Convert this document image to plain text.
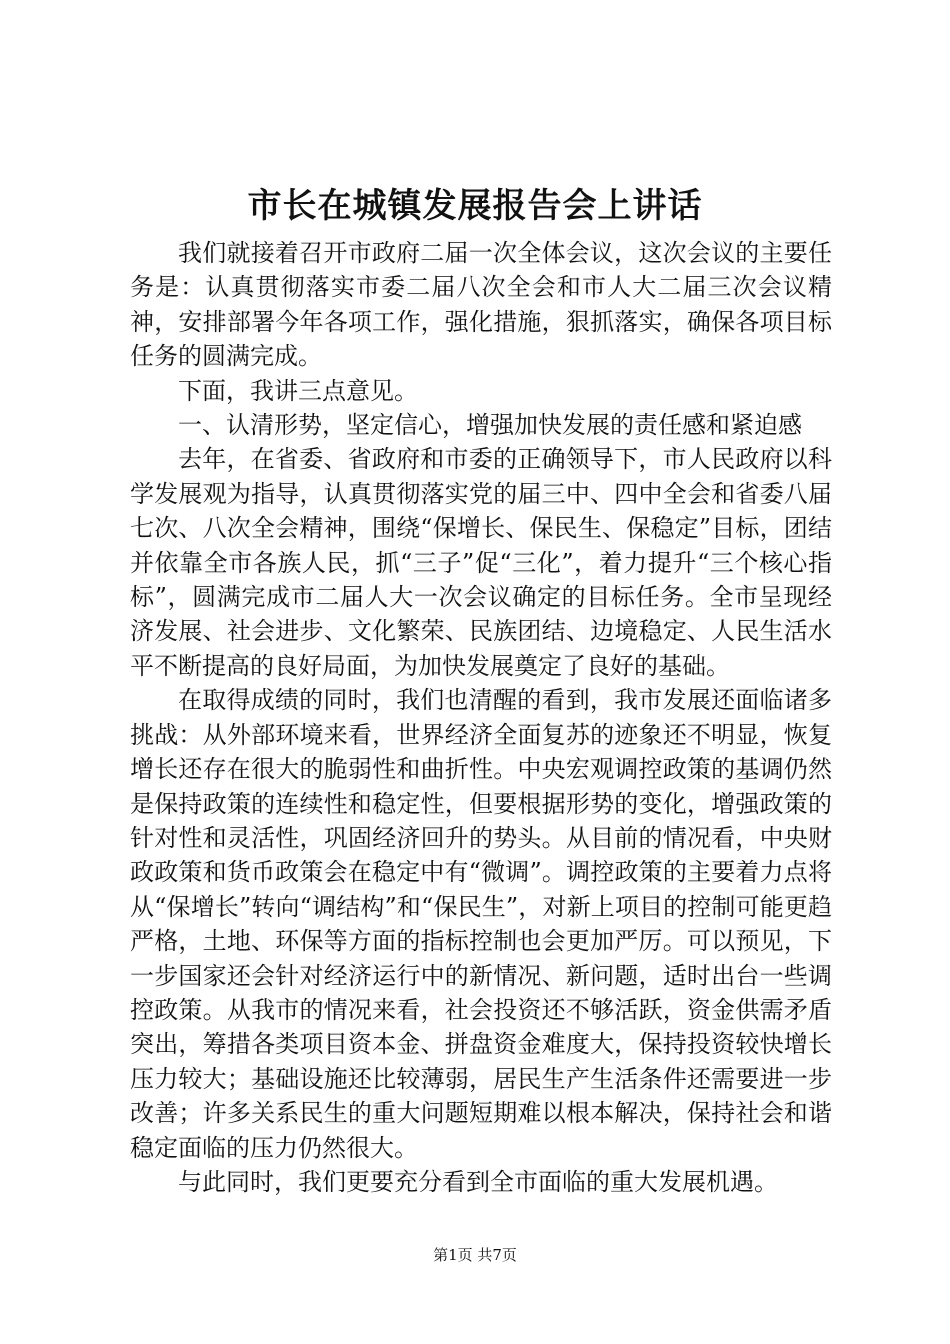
市长在城镇发展报告会上讲话

我们就接着召开市政府二届一次全体会议，这次会议的主要任务是：认真贯彻落实市委二届八次全会和市人大二届三次会议精神，安排部署今年各项工作，强化措施，狠抓落实，确保各项目标任务的圆满完成。

下面，我讲三点意见。

一、认清形势，坚定信心，增强加快发展的责任感和紧迫感

去年，在省委、省政府和市委的正确领导下，市人民政府以科学发展观为指导，认真贯彻落实党的届三中、四中全会和省委八届七次、八次全会精神，围绕“保增长、保民生、保稳定”目标，团结并依靠全市各族人民，抓“三子”促“三化”，着力提升“三个核心指标”，圆满完成市二届人大一次会议确定的目标任务。全市呈现经济发展、社会进步、文化繁荣、民族团结、边境稳定、人民生活水平不断提高的良好局面，为加快发展奠定了良好的基础。

在取得成绩的同时，我们也清醒的看到，我市发展还面临诸多挑战：从外部环境来看，世界经济全面复苏的迹象还不明显，恢复增长还存在很大的脆弱性和曲折性。中央宏观调控政策的基调仍然是保持政策的连续性和稳定性，但要根据形势的变化，增强政策的针对性和灵活性，巩固经济回升的势头。从目前的情况看，中央财政政策和货币政策会在稳定中有“微调”。调控政策的主要着力点将从“保增长”转向“调结构”和“保民生”，对新上项目的控制可能更趋严格，土地、环保等方面的指标控制也会更加严厉。可以预见，下一步国家还会针对经济运行中的新情况、新问题，适时出台一些调控政策。从我市的情况来看，社会投资还不够活跃，资金供需矛盾突出，筹措各类项目资本金、拼盘资金难度大，保持投资较快增长压力较大；基础设施还比较薄弱，居民生产生活条件还需要进一步改善；许多关系民生的重大问题短期难以根本解决，保持社会和谐稳定面临的压力仍然很大。

与此同时，我们更要充分看到全市面临的重大发展机遇。

第1页 共7页
